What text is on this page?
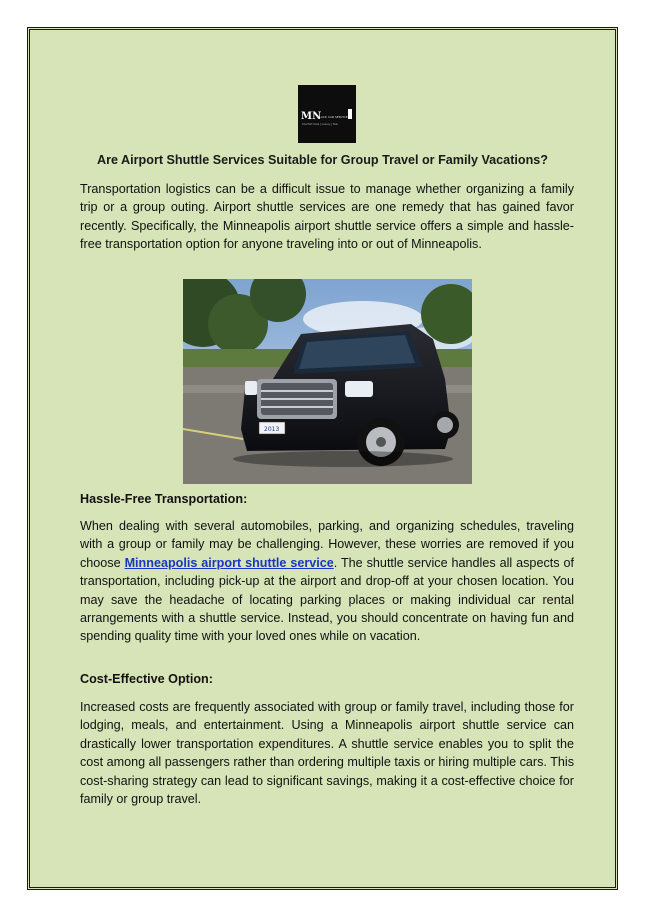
MN
BLACK CAR SERVICE
Comfort Cars | Luxury | Taxi
Are Airport Shuttle Services Suitable for Group Travel or Family Vacations?

Transportation logistics can be a difficult issue to manage whether organizing a family trip or a group outing. Airport shuttle services are one remedy that has gained favor recently. Specifically, the Minneapolis airport shuttle service offers a simple and hassle-free transportation option for anyone traveling into or out of Minneapolis.

2013
Hassle-Free Transportation:

When dealing with several automobiles, parking, and organizing schedules, traveling with a group or family may be challenging. However, these worries are removed if you choose Minneapolis airport shuttle service. The shuttle service handles all aspects of transportation, including pick-up at the airport and drop-off at your chosen location. You may save the headache of locating parking places or making individual car rental arrangements with a shuttle service. Instead, you should concentrate on having fun and spending quality time with your loved ones while on vacation.

Cost-Effective Option:

Increased costs are frequently associated with group or family travel, including those for lodging, meals, and entertainment. Using a Minneapolis airport shuttle service can drastically lower transportation expenditures. A shuttle service enables you to split the cost among all passengers rather than ordering multiple taxis or hiring multiple cars. This cost-sharing strategy can lead to significant savings, making it a cost-effective choice for family or group travel.
